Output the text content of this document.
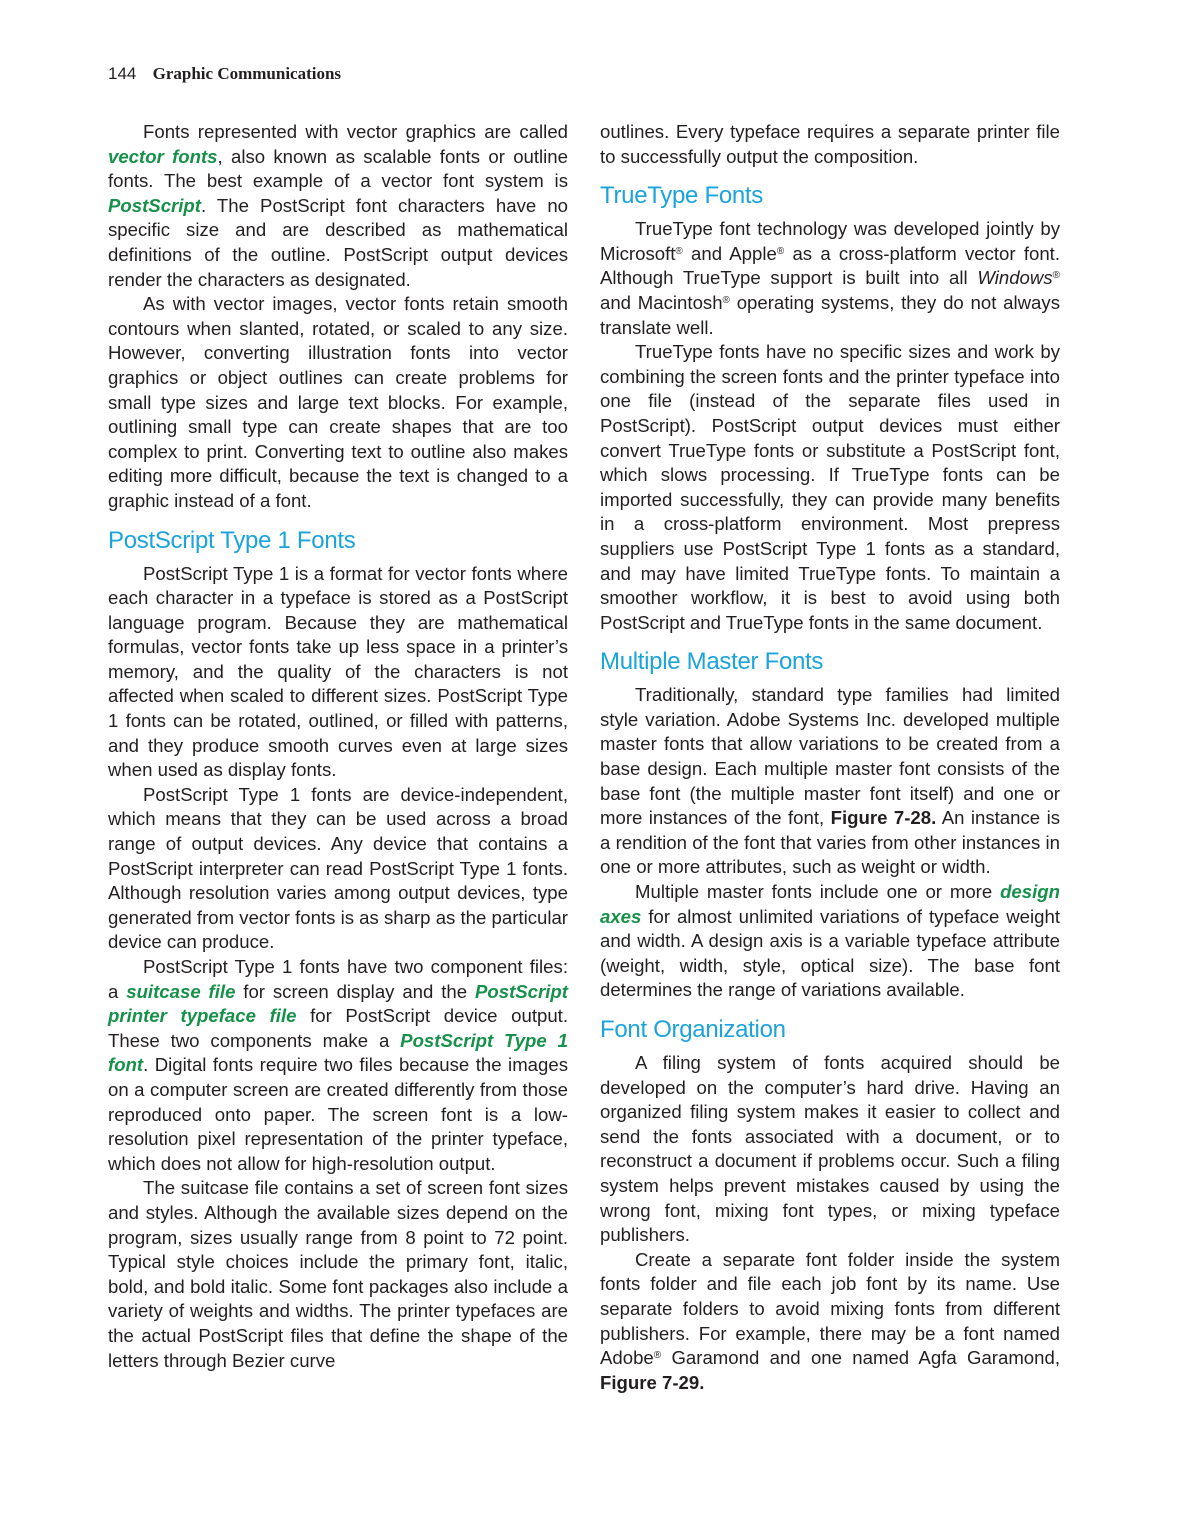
144 Graphic Communications

Fonts represented with vector graphics are called vector fonts, also known as scalable fonts or outline fonts. The best example of a vector font system is PostScript. The PostScript font characters have no specific size and are described as mathematical definitions of the outline. PostScript output devices render the characters as designated.

As with vector images, vector fonts retain smooth contours when slanted, rotated, or scaled to any size. However, converting illustration fonts into vector graphics or object outlines can create problems for small type sizes and large text blocks. For example, outlining small type can create shapes that are too complex to print. Converting text to outline also makes editing more difficult, because the text is changed to a graphic instead of a font.

PostScript Type 1 Fonts

PostScript Type 1 is a format for vector fonts where each character in a typeface is stored as a PostScript language program. Because they are mathematical formulas, vector fonts take up less space in a printer’s memory, and the quality of the characters is not affected when scaled to different sizes. PostScript Type 1 fonts can be rotated, outlined, or filled with patterns, and they produce smooth curves even at large sizes when used as display fonts.

PostScript Type 1 fonts are device-independent, which means that they can be used across a broad range of output devices. Any device that contains a PostScript interpreter can read PostScript Type 1 fonts. Although resolution varies among output devices, type generated from vector fonts is as sharp as the particular device can produce.

PostScript Type 1 fonts have two component files: a suitcase file for screen display and the PostScript printer typeface file for PostScript device output. These two components make a PostScript Type 1 font. Digital fonts require two files because the images on a computer screen are created differently from those reproduced onto paper. The screen font is a low-resolution pixel representation of the printer typeface, which does not allow for high-resolution output.

The suitcase file contains a set of screen font sizes and styles. Although the available sizes depend on the program, sizes usually range from 8 point to 72 point. Typical style choices include the primary font, italic, bold, and bold italic. Some font packages also include a variety of weights and widths. The printer typefaces are the actual PostScript files that define the shape of the letters through Bezier curve

outlines. Every typeface requires a separate printer file to successfully output the composition.

TrueType Fonts

TrueType font technology was developed jointly by Microsoft® and Apple® as a cross-platform vector font. Although TrueType support is built into all Windows® and Macintosh® operating systems, they do not always translate well.

TrueType fonts have no specific sizes and work by combining the screen fonts and the printer typeface into one file (instead of the separate files used in PostScript). PostScript output devices must either convert TrueType fonts or substitute a PostScript font, which slows processing. If TrueType fonts can be imported successfully, they can provide many benefits in a cross-platform environment. Most prepress suppliers use PostScript Type 1 fonts as a standard, and may have limited TrueType fonts. To maintain a smoother workflow, it is best to avoid using both PostScript and TrueType fonts in the same document.

Multiple Master Fonts

Traditionally, standard type families had limited style variation. Adobe Systems Inc. developed multiple master fonts that allow variations to be created from a base design. Each multiple master font consists of the base font (the multiple master font itself) and one or more instances of the font, Figure 7-28. An instance is a rendition of the font that varies from other instances in one or more attributes, such as weight or width.

Multiple master fonts include one or more design axes for almost unlimited variations of typeface weight and width. A design axis is a variable typeface attribute (weight, width, style, optical size). The base font determines the range of variations available.

Font Organization

A filing system of fonts acquired should be developed on the computer’s hard drive. Having an organized filing system makes it easier to collect and send the fonts associated with a document, or to reconstruct a document if problems occur. Such a filing system helps prevent mistakes caused by using the wrong font, mixing font types, or mixing typeface publishers.

Create a separate font folder inside the system fonts folder and file each job font by its name. Use separate folders to avoid mixing fonts from different publishers. For example, there may be a font named Adobe® Garamond and one named Agfa Garamond, Figure 7-29.
